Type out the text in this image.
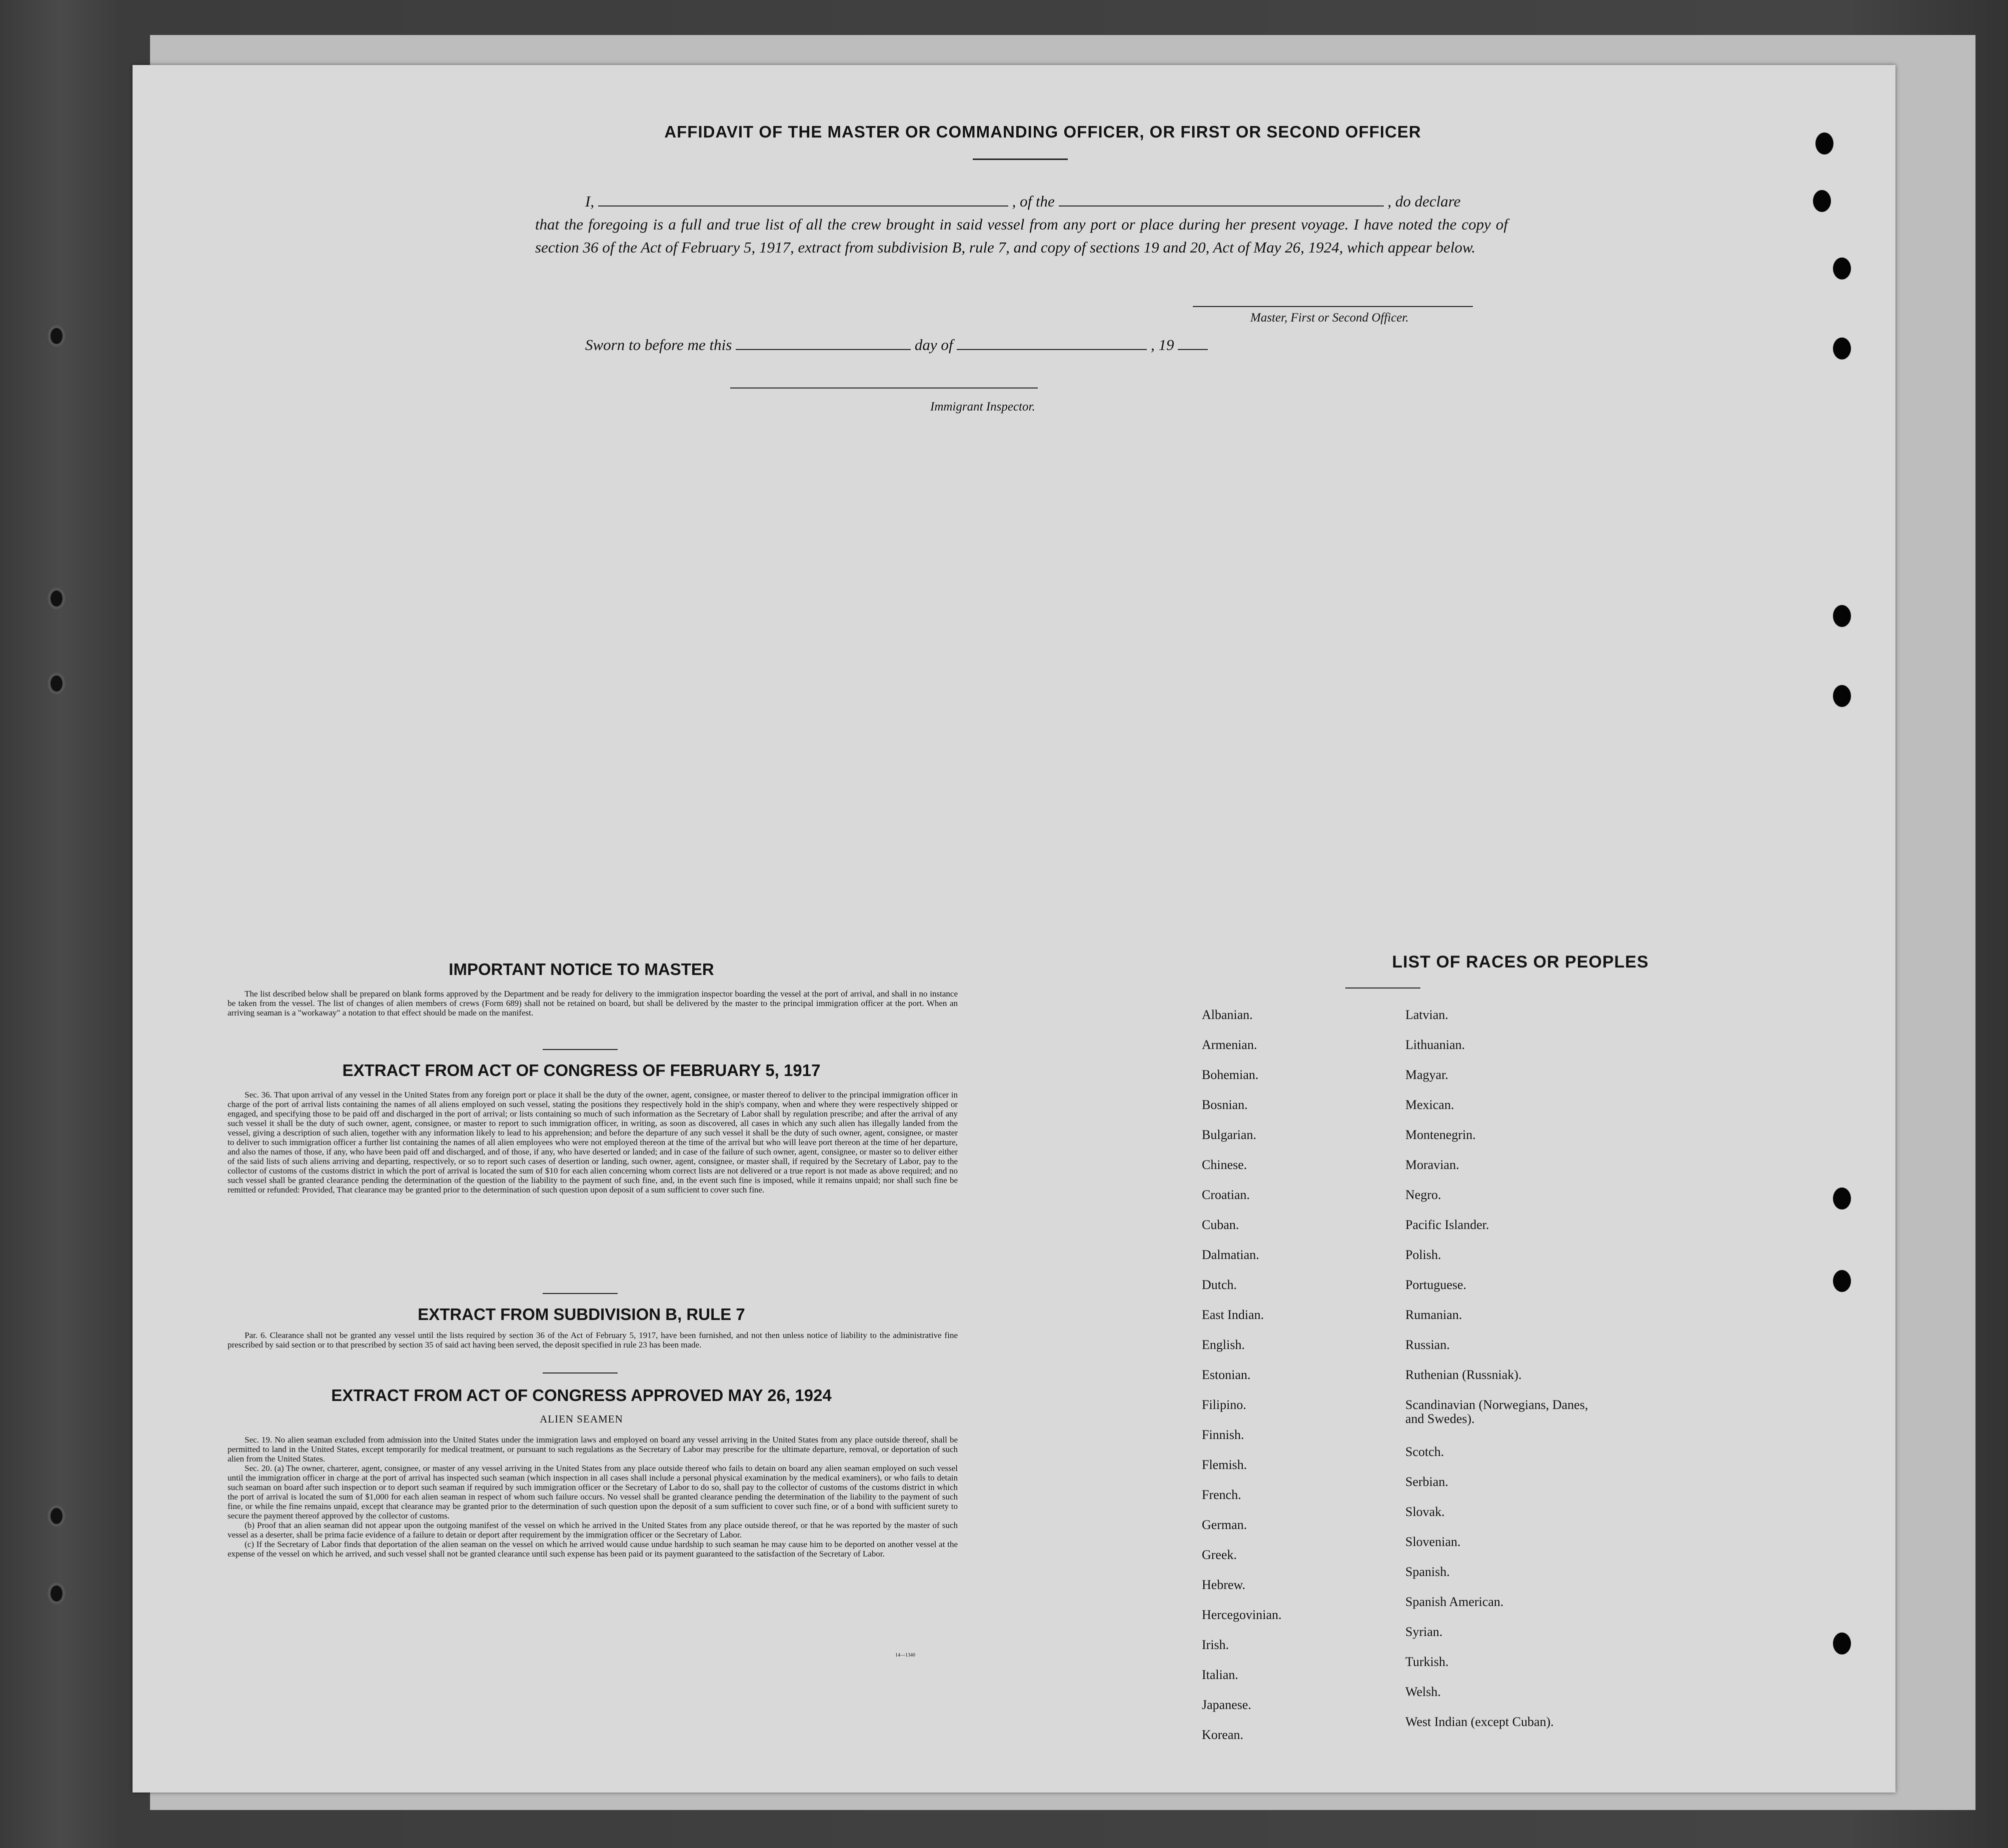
AFFIDAVIT OF THE MASTER OR COMMANDING OFFICER, OR FIRST OR SECOND OFFICER
I,	, of the	, do declare
that the foregoing is a full and true list of all the crew brought in said vessel from any port or place during her present voyage. I have noted the copy of section 36 of the Act of February 5, 1917, extract from subdivision B, rule 7, and copy of sections 19 and 20, Act of May 26, 1924, which appear below.
Master, First or Second Officer.
Sworn to before me this	day of	, 19
Immigrant Inspector.
IMPORTANT NOTICE TO MASTER

The list described below shall be prepared on blank forms approved by the Department and be ready for delivery to the immigration inspector boarding the vessel at the port of arrival, and shall in no instance be taken from the vessel. The list of changes of alien members of crews (Form 689) shall not be retained on board, but shall be delivered by the master to the principal immigration officer at the port. When an arriving seaman is a "workaway" a notation to that effect should be made on the manifest.

EXTRACT FROM ACT OF CONGRESS OF FEBRUARY 5, 1917

Sec. 36. That upon arrival of any vessel in the United States from any foreign port or place it shall be the duty of the owner, agent, consignee, or master thereof to deliver to the principal immigration officer in charge of the port of arrival lists containing the names of all aliens employed on such vessel, stating the positions they respectively hold in the ship's company, when and where they were respectively shipped or engaged, and specifying those to be paid off and discharged in the port of arrival; or lists containing so much of such information as the Secretary of Labor shall by regulation prescribe; and after the arrival of any such vessel it shall be the duty of such owner, agent, consignee, or master to report to such immigration officer, in writing, as soon as discovered, all cases in which any such alien has illegally landed from the vessel, giving a description of such alien, together with any information likely to lead to his apprehension; and before the departure of any such vessel it shall be the duty of such owner, agent, consignee, or master to deliver to such immigration officer a further list containing the names of all alien employees who were not employed thereon at the time of the arrival but who will leave port thereon at the time of her departure, and also the names of those, if any, who have been paid off and discharged, and of those, if any, who have deserted or landed; and in case of the failure of such owner, agent, consignee, or master so to deliver either of the said lists of such aliens arriving and departing, respectively, or so to report such cases of desertion or landing, such owner, agent, consignee, or master shall, if required by the Secretary of Labor, pay to the collector of customs of the customs district in which the port of arrival is located the sum of $10 for each alien concerning whom correct lists are not delivered or a true report is not made as above required; and no such vessel shall be granted clearance pending the determination of the question of the liability to the payment of such fine, and, in the event such fine is imposed, while it remains unpaid; nor shall such fine be remitted or refunded: Provided, That clearance may be granted prior to the determination of such question upon deposit of a sum sufficient to cover such fine.

EXTRACT FROM SUBDIVISION B, RULE 7

Par. 6. Clearance shall not be granted any vessel until the lists required by section 36 of the Act of February 5, 1917, have been furnished, and not then unless notice of liability to the administrative fine prescribed by said section or to that prescribed by section 35 of said act having been served, the deposit specified in rule 23 has been made.

EXTRACT FROM ACT OF CONGRESS APPROVED MAY 26, 1924
ALIEN SEAMEN

Sec. 19. No alien seaman excluded from admission into the United States under the immigration laws and employed on board any vessel arriving in the United States from any place outside thereof, shall be permitted to land in the United States, except temporarily for medical treatment, or pursuant to such regulations as the Secretary of Labor may prescribe for the ultimate departure, removal, or deportation of such alien from the United States.

Sec. 20. (a) The owner, charterer, agent, consignee, or master of any vessel arriving in the United States from any place outside thereof who fails to detain on board any alien seaman employed on such vessel until the immigration officer in charge at the port of arrival has inspected such seaman (which inspection in all cases shall include a personal physical examination by the medical examiners), or who fails to detain such seaman on board after such inspection or to deport such seaman if required by such immigration officer or the Secretary of Labor to do so, shall pay to the collector of customs of the customs district in which the port of arrival is located the sum of $1,000 for each alien seaman in respect of whom such failure occurs. No vessel shall be granted clearance pending the determination of the liability to the payment of such fine, or while the fine remains unpaid, except that clearance may be granted prior to the determination of such question upon the deposit of a sum sufficient to cover such fine, or of a bond with sufficient surety to secure the payment thereof approved by the collector of customs.

(b) Proof that an alien seaman did not appear upon the outgoing manifest of the vessel on which he arrived in the United States from any place outside thereof, or that he was reported by the master of such vessel as a deserter, shall be prima facie evidence of a failure to detain or deport after requirement by the immigration officer or the Secretary of Labor.

(c) If the Secretary of Labor finds that deportation of the alien seaman on the vessel on which he arrived would cause undue hardship to such seaman he may cause him to be deported on another vessel at the expense of the vessel on which he arrived, and such vessel shall not be granted clearance until such expense has been paid or its payment guaranteed to the satisfaction of the Secretary of Labor.

14—1340
LIST OF RACES OR PEOPLES
Albanian.
Armenian.
Bohemian.
Bosnian.
Bulgarian.
Chinese.
Croatian.
Cuban.
Dalmatian.
Dutch.
East Indian.
English.
Estonian.
Filipino.
Finnish.
Flemish.
French.
German.
Greek.
Hebrew.
Hercegovinian.
Irish.
Italian.
Japanese.
Korean.
Latvian.
Lithuanian.
Magyar.
Mexican.
Montenegrin.
Moravian.
Negro.
Pacific Islander.
Polish.
Portuguese.
Rumanian.
Russian.
Ruthenian (Russniak).
Scandinavian (Norwegians, Danes, and Swedes).
Scotch.
Serbian.
Slovak.
Slovenian.
Spanish.
Spanish American.
Syrian.
Turkish.
Welsh.
West Indian (except Cuban).
